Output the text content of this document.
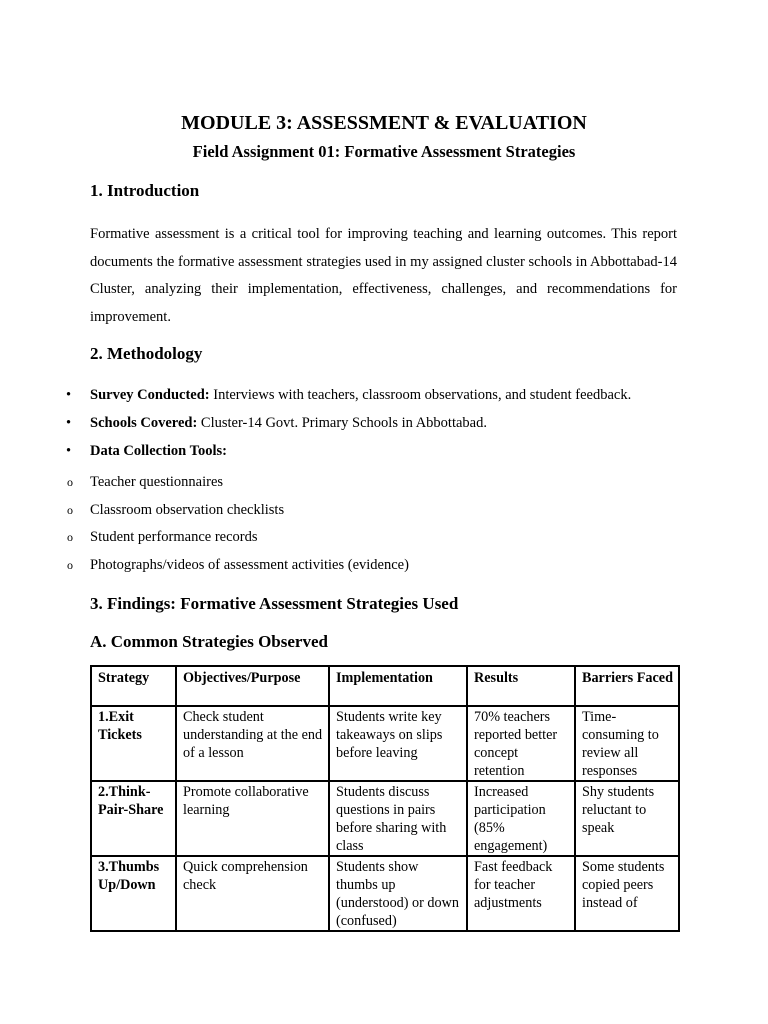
MODULE 3: ASSESSMENT & EVALUATION
Field Assignment 01: Formative Assessment Strategies
1. Introduction
Formative assessment is a critical tool for improving teaching and learning outcomes. This report documents the formative assessment strategies used in my assigned cluster schools in Abbottabad-14 Cluster, analyzing their implementation, effectiveness, challenges, and recommendations for improvement.
2. Methodology
•	Survey Conducted: Interviews with teachers, classroom observations, and student feedback.
•	Schools Covered: Cluster-14 Govt. Primary Schools in Abbottabad.
•	Data Collection Tools:
o Teacher questionnaires
o Classroom observation checklists
o Student performance records
o Photographs/videos of assessment activities (evidence)
3. Findings: Formative Assessment Strategies Used
A. Common Strategies Observed
Strategy	Objectives/Purpose	Implementation	Results	Barriers Faced
1.Exit Tickets	Check student understanding at the end of a lesson	Students write key takeaways on slips before leaving	70% teachers reported better concept retention	Time-consuming to review all responses
2.Think-Pair-Share	Promote collaborative learning	Students discuss questions in pairs before sharing with class	Increased participation (85% engagement)	Shy students reluctant to speak
3.Thumbs Up/Down	Quick comprehension check	Students show thumbs up (understood) or down (confused)	Fast feedback for teacher adjustments	Some students copied peers instead of
